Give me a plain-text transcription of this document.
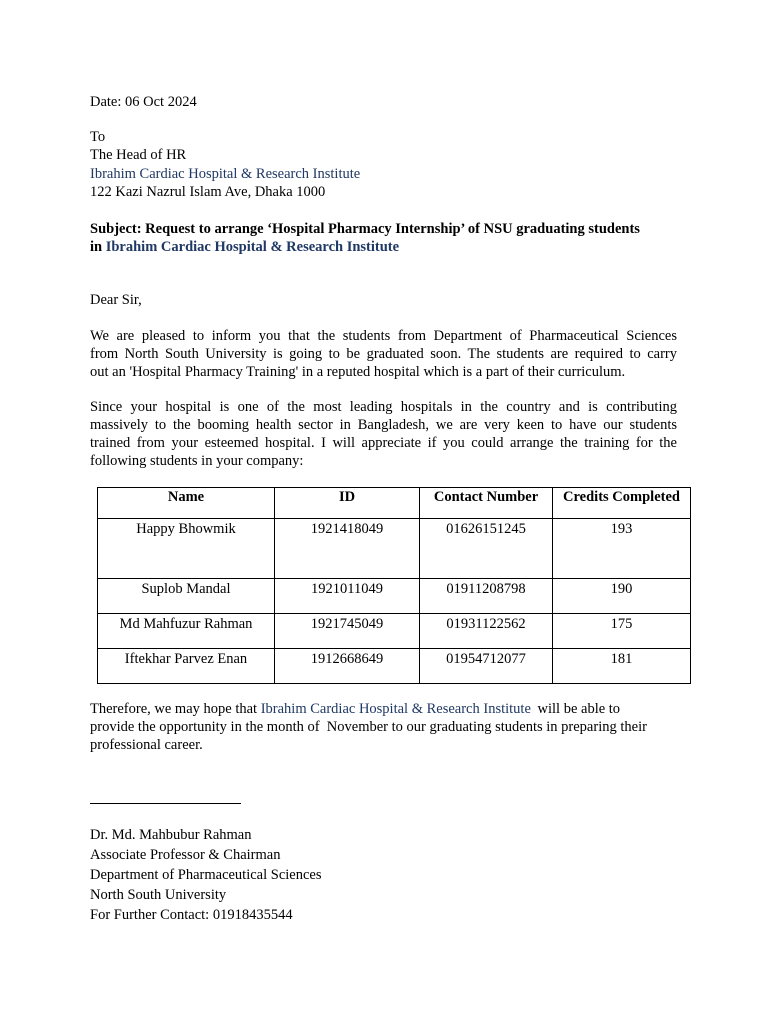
Date: 06 Oct 2024
To
The Head of HR
Ibrahim Cardiac Hospital & Research Institute
122 Kazi Nazrul Islam Ave, Dhaka 1000
Subject: Request to arrange ‘Hospital Pharmacy Internship’ of NSU graduating students
in Ibrahim Cardiac Hospital & Research Institute
Dear Sir,
We are pleased to inform you that the students from Department of Pharmaceutical Sciences
from North South University is going to be graduated soon. The students are required to carry
out an 'Hospital Pharmacy Training' in a reputed hospital which is a part of their curriculum.
Since your hospital is one of the most leading hospitals in the country and is contributing
massively to the booming health sector in Bangladesh, we are very keen to have our students
trained from your esteemed hospital. I will appreciate if you could arrange the training for the
following students in your company:
Name	ID	Contact Number	Credits Completed
Happy Bhowmik	1921418049	01626151245	193
Suplob Mandal	1921011049	01911208798	190
Md Mahfuzur Rahman	1921745049	01931122562	175
Iftekhar Parvez Enan	1912668649	01954712077	181
Therefore, we may hope that Ibrahim Cardiac Hospital & Research Institute will be able to
provide the opportunity in the month of  November to our graduating students in preparing their
professional career.
Dr. Md. Mahbubur Rahman
Associate Professor & Chairman
Department of Pharmaceutical Sciences
North South University
For Further Contact: 01918435544
